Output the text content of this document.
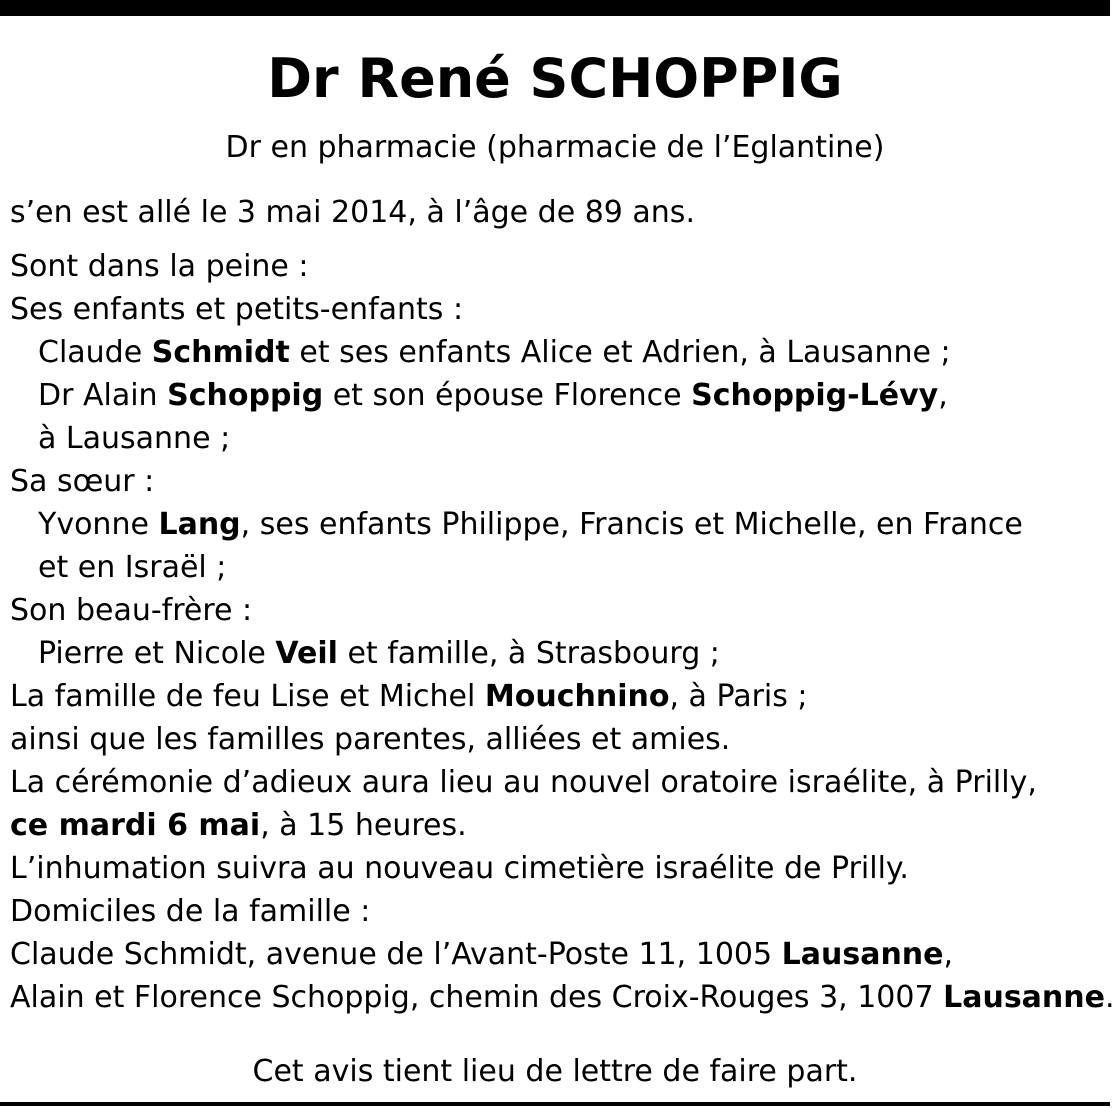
Dr René SCHOPPIG
Dr en pharmacie (pharmacie de l’Eglantine)
s’en est allé le 3 mai 2014, à l’âge de 89 ans.
Sont dans la peine :
Ses enfants et petits-enfants :
Claude Schmidt et ses enfants Alice et Adrien, à Lausanne ;
Dr Alain Schoppig et son épouse Florence Schoppig-Lévy,
à Lausanne ;
Sa sœur :
Yvonne Lang, ses enfants Philippe, Francis et Michelle, en France
et en Israël ;
Son beau-frère :
Pierre et Nicole Veil et famille, à Strasbourg ;
La famille de feu Lise et Michel Mouchnino, à Paris ;
ainsi que les familles parentes, alliées et amies.
La cérémonie d’adieux aura lieu au nouvel oratoire israélite, à Prilly,
ce mardi 6 mai, à 15 heures.
L’inhumation suivra au nouveau cimetière israélite de Prilly.
Domiciles de la famille :
Claude Schmidt, avenue de l’Avant-Poste 11, 1005 Lausanne,
Alain et Florence Schoppig, chemin des Croix-Rouges 3, 1007 Lausanne.
Cet avis tient lieu de lettre de faire part.
